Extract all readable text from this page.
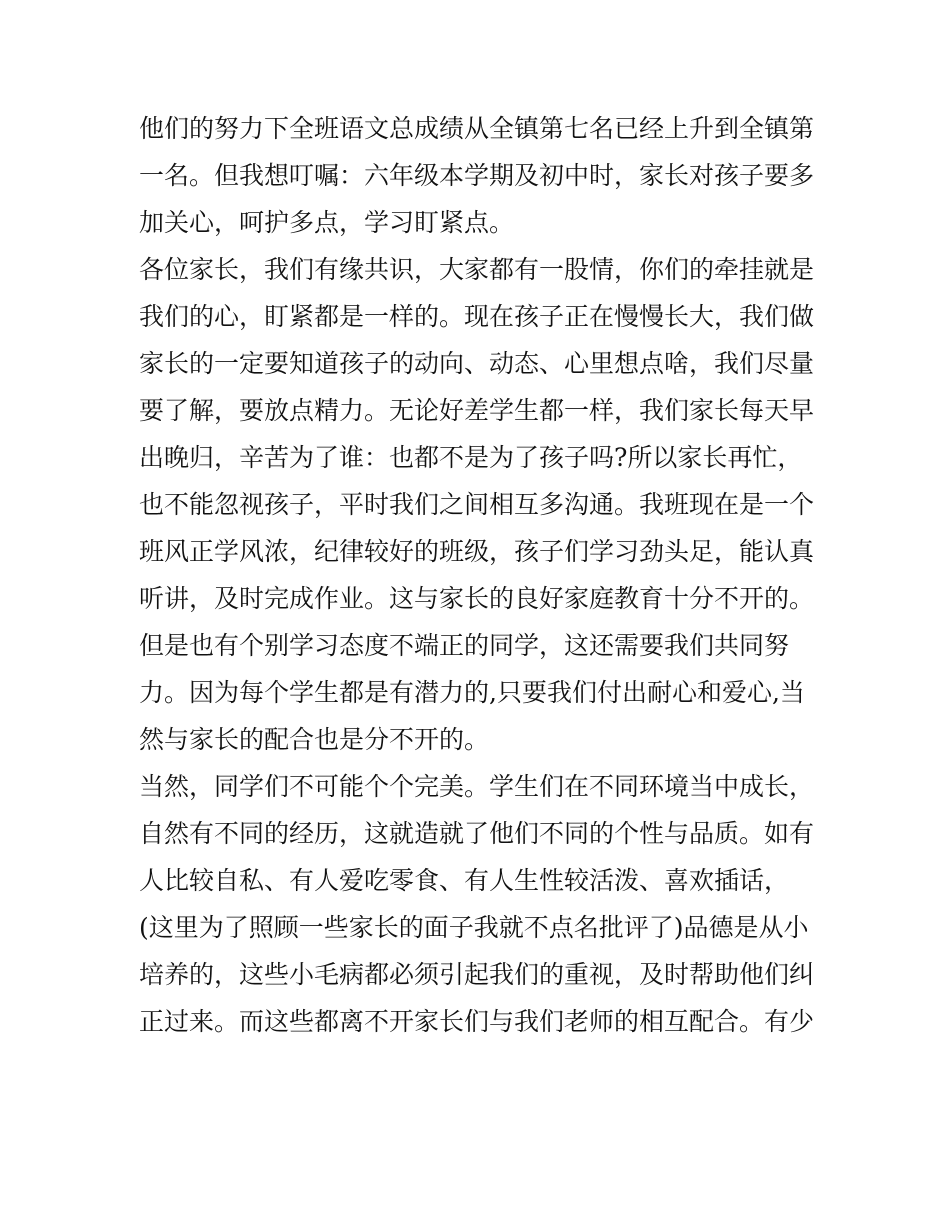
他们的努力下全班语文总成绩从全镇第七名已经上升到全镇第

一名。但我想叮嘱：六年级本学期及初中时，家长对孩子要多

加关心，呵护多点，学习盯紧点。

各位家长，我们有缘共识，大家都有一股情，你们的牵挂就是

我们的心，盯紧都是一样的。现在孩子正在慢慢长大，我们做

家长的一定要知道孩子的动向、动态、心里想点啥，我们尽量

要了解，要放点精力。无论好差学生都一样，我们家长每天早

出晚归，辛苦为了谁：也都不是为了孩子吗?所以家长再忙，

也不能忽视孩子，平时我们之间相互多沟通。我班现在是一个

班风正学风浓，纪律较好的班级，孩子们学习劲头足，能认真

听讲，及时完成作业。这与家长的良好家庭教育十分不开的。

但是也有个别学习态度不端正的同学，这还需要我们共同努

力。因为每个学生都是有潜力的,只要我们付出耐心和爱心,当

然与家长的配合也是分不开的。

当然，同学们不可能个个完美。学生们在不同环境当中成长，

自然有不同的经历，这就造就了他们不同的个性与品质。如有

人比较自私、有人爱吃零食、有人生性较活泼、喜欢插话，

(这里为了照顾一些家长的面子我就不点名批评了)品德是从小

培养的，这些小毛病都必须引起我们的重视，及时帮助他们纠

正过来。而这些都离不开家长们与我们老师的相互配合。有少
